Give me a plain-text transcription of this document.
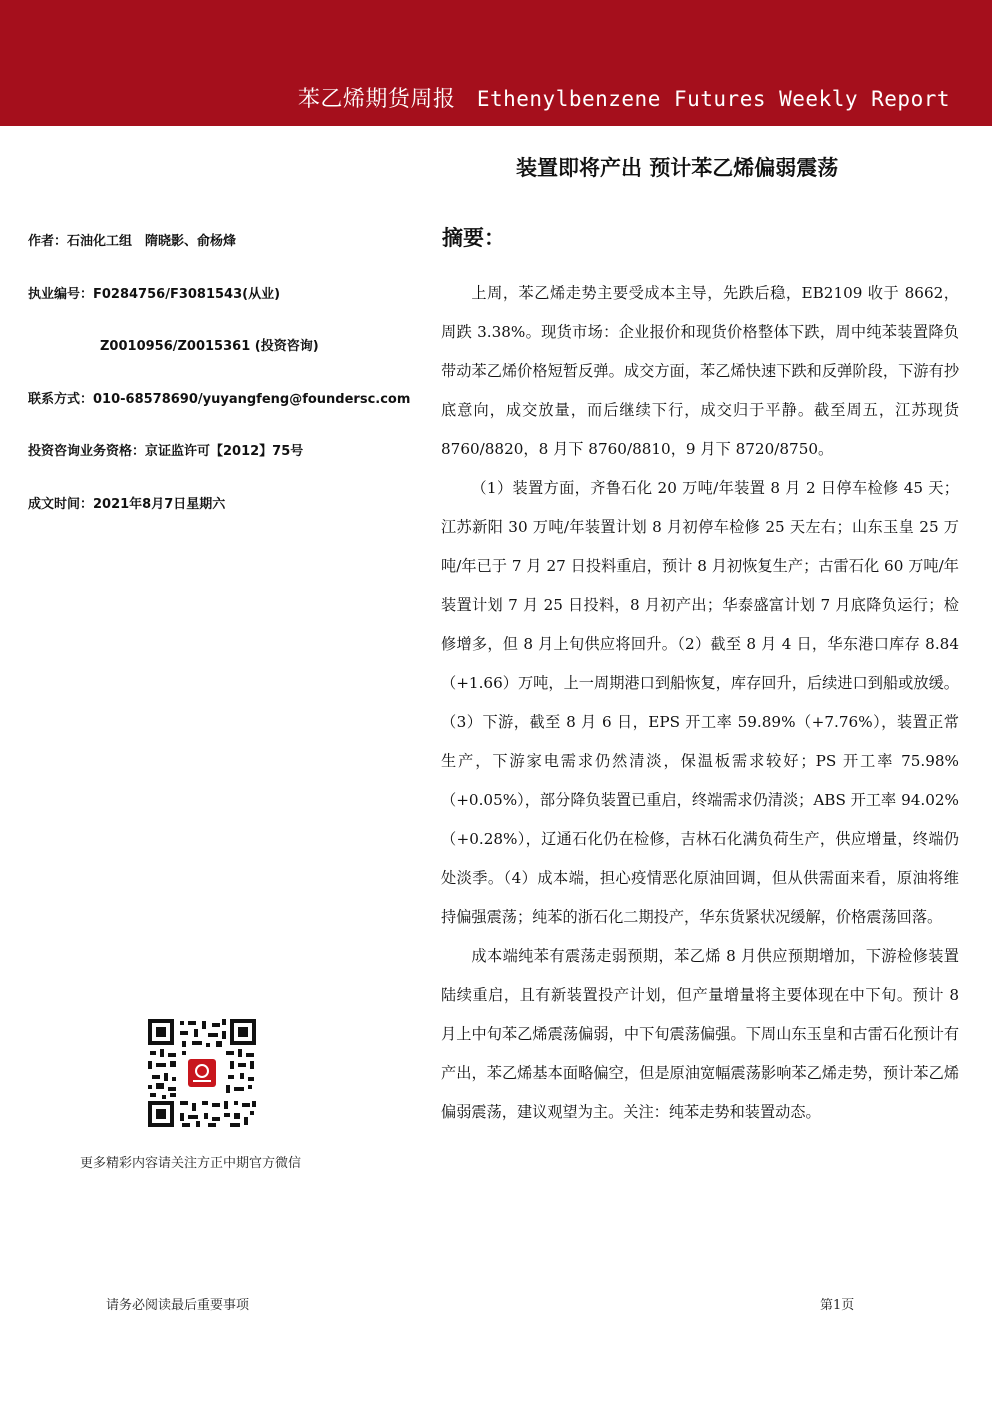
苯乙烯期货周报 Ethenylbenzene Futures Weekly Report
装置即将产出 预计苯乙烯偏弱震荡
作者：石油化工组　隋晓影、俞杨烽
执业编号：F0284756/F3081543(从业)
Z0010956/Z0015361 (投资咨询)
联系方式：010-68578690/yuyangfeng@foundersc.com
投资咨询业务资格：京证监许可【2012】75号
成文时间：2021年8月7日星期六
更多精彩内容请关注方正中期官方微信
摘要：

上周，苯乙烯走势主要受成本主导，先跌后稳，EB2109 收于 8662，周跌 3.38%。现货市场：企业报价和现货价格整体下跌，周中纯苯装置降负带动苯乙烯价格短暂反弹。成交方面，苯乙烯快速下跌和反弹阶段，下游有抄底意向，成交放量，而后继续下行，成交归于平静。截至周五，江苏现货 8760/8820，8 月下 8760/8810，9 月下 8720/8750。

（1）装置方面，齐鲁石化 20 万吨/年装置 8 月 2 日停车检修 45 天；江苏新阳 30 万吨/年装置计划 8 月初停车检修 25 天左右；山东玉皇 25 万吨/年已于 7 月 27 日投料重启，预计 8 月初恢复生产；古雷石化 60 万吨/年装置计划 7 月 25 日投料，8 月初产出；华泰盛富计划 7 月底降负运行；检修增多，但 8 月上旬供应将回升。（2）截至 8 月 4 日，华东港口库存 8.84（+1.66）万吨，上一周期港口到船恢复，库存回升，后续进口到船或放缓。（3）下游，截至 8 月 6 日，EPS 开工率 59.89%（+7.76%），装置正常生产，下游家电需求仍然清淡，保温板需求较好；PS 开工率 75.98%（+0.05%），部分降负装置已重启，终端需求仍清淡；ABS 开工率 94.02%（+0.28%），辽通石化仍在检修，吉林石化满负荷生产，供应增量，终端仍处淡季。（4）成本端，担心疫情恶化原油回调，但从供需面来看，原油将维持偏强震荡；纯苯的浙石化二期投产，华东货紧状况缓解，价格震荡回落。

成本端纯苯有震荡走弱预期，苯乙烯 8 月供应预期增加，下游检修装置陆续重启，且有新装置投产计划，但产量增量将主要体现在中下旬。预计 8 月上中旬苯乙烯震荡偏弱，中下旬震荡偏强。下周山东玉皇和古雷石化预计有产出，苯乙烯基本面略偏空，但是原油宽幅震荡影响苯乙烯走势，预计苯乙烯偏弱震荡，建议观望为主。关注：纯苯走势和装置动态。

请务必阅读最后重要事项	第1页
